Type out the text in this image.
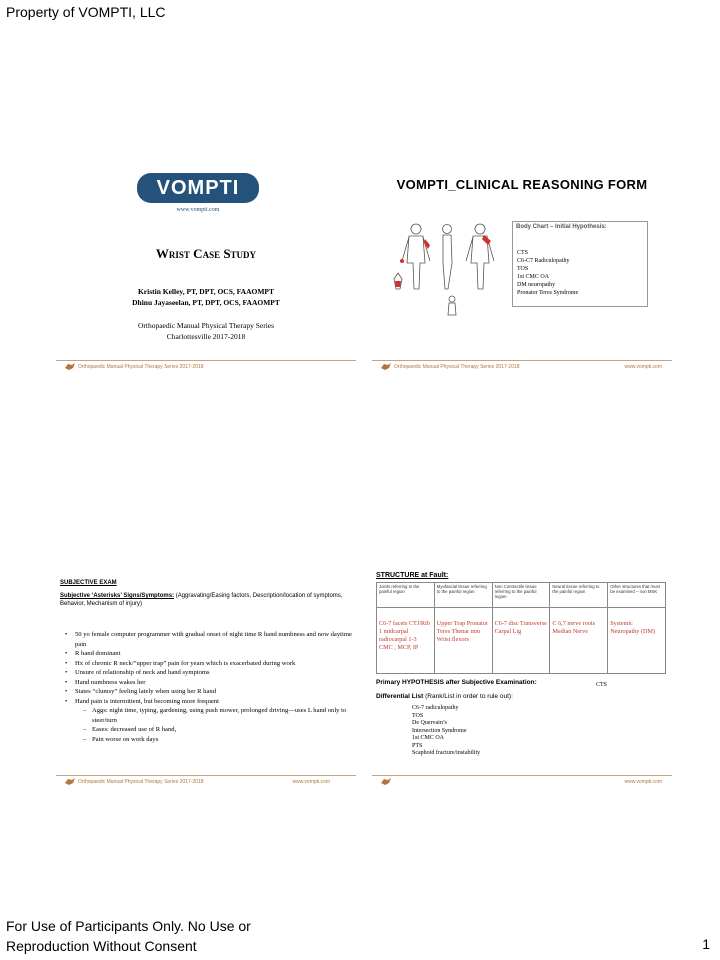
Property of VOMPTI, LLC
VOMPTI
www.vompti.com
Wrist Case Study
Kristin Kelley, PT, DPT, OCS, FAAOMPT
Dhinu Jayaseelan, PT, DPT, OCS, FAAOMPT
Orthopaedic Manual Physical Therapy Series
Charlottesville 2017-2018
Orthopaedic Manual Physical Therapy Series 2017-2018
VOMPTI_CLINICAL REASONING FORM
Body Chart – Initial Hypothesis:
CTS
C6-C7 Radiculopathy
TOS
1st CMC OA
DM neuropathy
Pronator Teres Syndrome
Orthopaedic Manual Physical Therapy Series 2017-2018	www.vompti.com
SUBJECTIVE EXAM
Subjective ‘Asterisks’ Signs/Symptoms: (Aggravating/Easing factors, Description/location of symptoms, Behavior, Mechanism of injury)
• 50 yo female computer programmer with gradual onset of night time R hand numbness and now daytime pain
• R hand dominant
• Hx of chronic R neck/”upper trap” pain for years which is exacerbated during work
• Unsure of relationship of neck and hand symptoms
• Hand numbness wakes her
• States “clumsy” feeling lately when using her R hand
• Hand pain is intermittent, but becoming more frequent
– Aggs: night time, typing, gardening, using push mower, prolonged driving—uses L hand only to steer/turn
– Eases: decreased use of R hand,
– Pain worse on work days
Orthopaedic Manual Physical Therapy Series 2017-2018	www.vompti.com
STRUCTURE at Fault:
Joints referring to the painful region	Myofascial tissue referring to the painful region	Non Contractile tissue referring to the painful region	Neural tissue referring to the painful region	Other structures that must be examined – non MSK
C6-7 facets CTJ/Rib 1 midcarpal radiocarpal 1-3 CMC , MCP, IP	Upper Trap Pronator Teres Thenar mm Wrist flexors	C6-7 disc Transverse Carpal Lig	C 6,7 nerve roots Median Nerve	Systemic Neuropathy (DM)
Primary HYPOTHESIS after Subjective Examination:	CTS
Differential List (Rank/List in order to rule out):
C6-7 radiculopathy
TOS
De Quervain’s
Intersection Syndrome
1st CMC OA
PTS
Scaphoid fracture/instability
www.vompti.com
For Use of Participants Only. No Use or
Reproduction Without Consent	1
